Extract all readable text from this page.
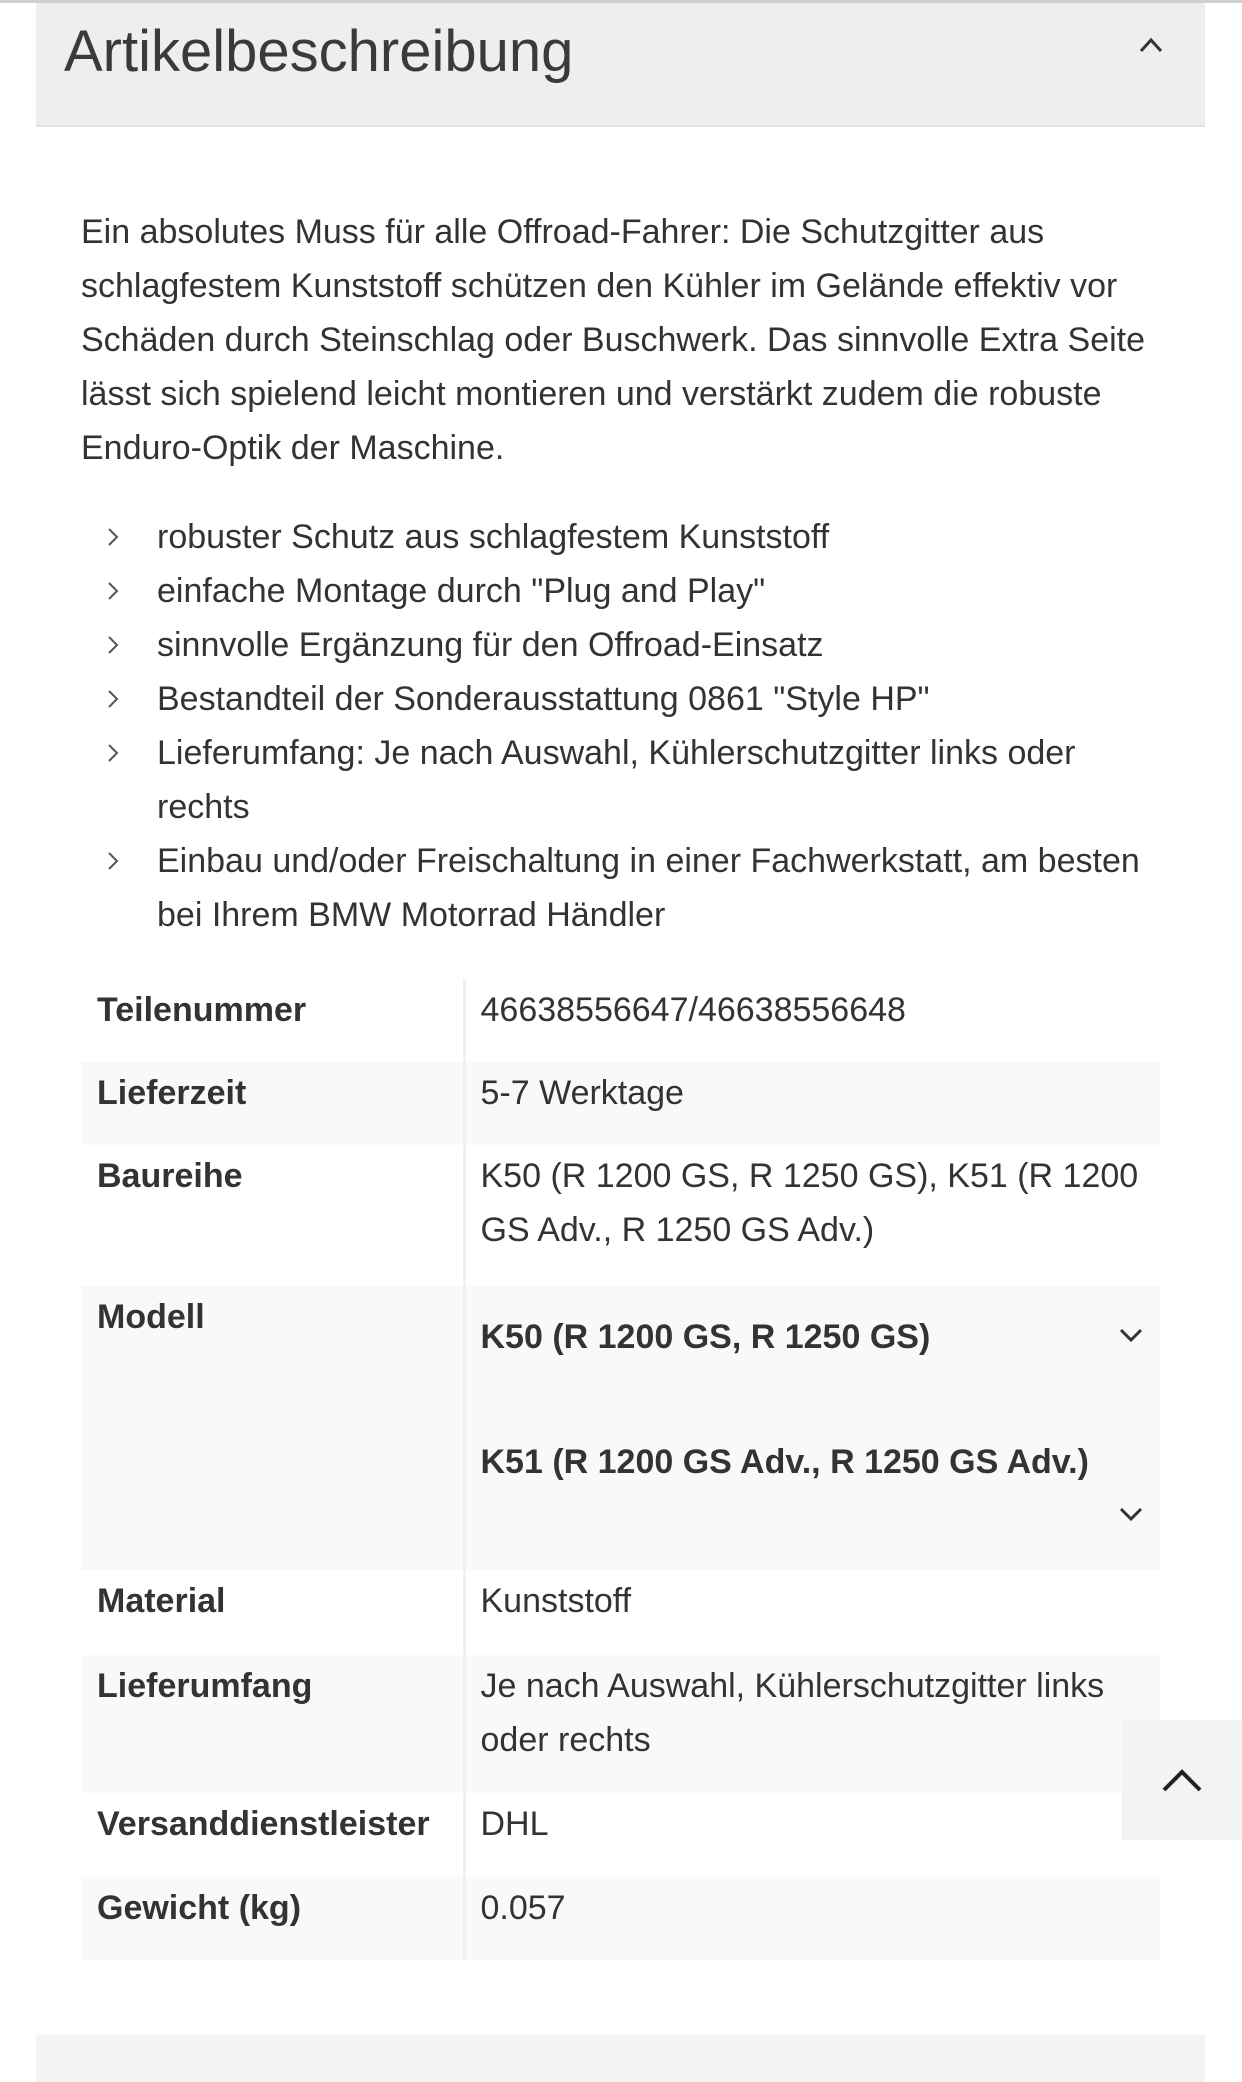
Artikelbeschreibung

Ein absolutes Muss für alle Offroad-Fahrer: Die Schutzgitter aus schlagfestem Kunststoff schützen den Kühler im Gelände effektiv vor Schäden durch Steinschlag oder Buschwerk. Das sinnvolle Extra Seite lässt sich spielend leicht montieren und verstärkt zudem die robuste Enduro-Optik der Maschine.

robuster Schutz aus schlagfestem Kunststoff
einfache Montage durch "Plug and Play"
sinnvolle Ergänzung für den Offroad-Einsatz
Bestandteil der Sonderausstattung 0861 "Style HP"
Lieferumfang: Je nach Auswahl, Kühlerschutzgitter links oder rechts
Einbau und/oder Freischaltung in einer Fachwerkstatt, am besten bei Ihrem BMW Motorrad Händler
Teilenummer	46638556647/46638556648
Lieferzeit	5-7 Werktage
Baureihe	K50 (R 1200 GS, R 1250 GS), K51 (R 1200 GS Adv., R 1250 GS Adv.)
Modell	K50 (R 1200 GS, R 1250 GS)
K51 (R 1200 GS Adv., R 1250 GS Adv.)

Material	Kunststoff
Lieferumfang	Je nach Auswahl, Kühlerschutzgitter links oder rechts
Versanddienstleister	DHL
Gewicht (kg)	0.057
